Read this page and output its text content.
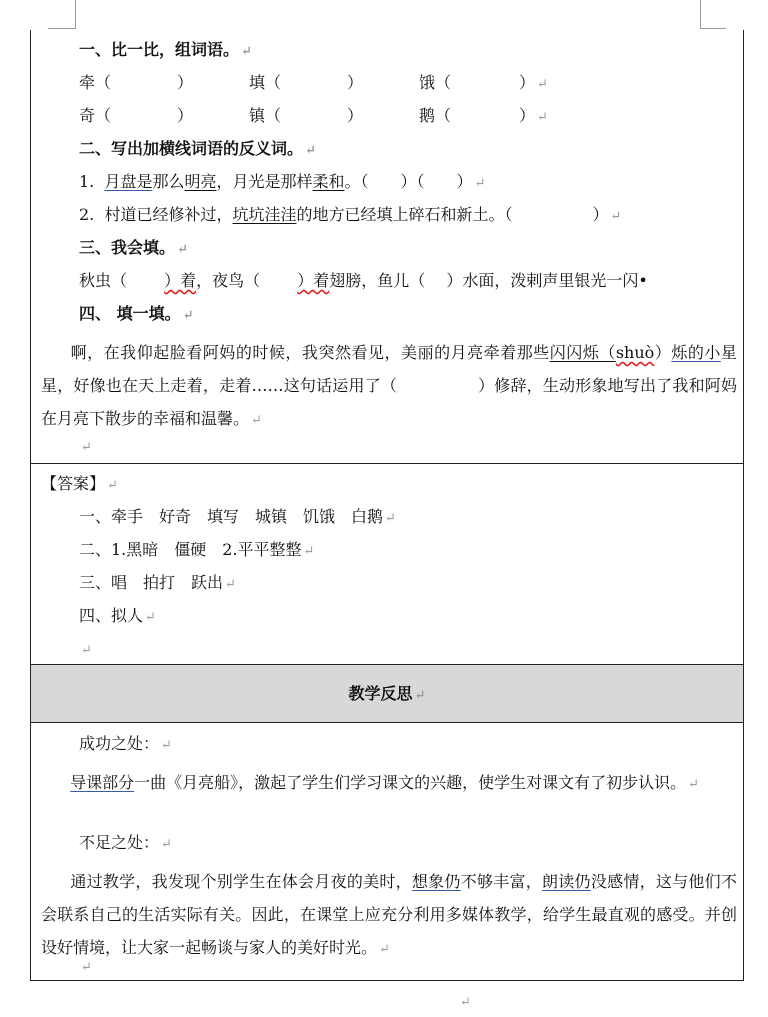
一、比一比，组词语。 ↵
牵（	）	填（	）	饿（	） ↵
奇（	）	镇（	）	鹅（	） ↵
二、写出加横线词语的反义词。 ↵
1. 月盘是那么明亮，月光是那样柔和。（   ）（   ） ↵
2. 村道已经修补过，坑坑洼洼的地方已经填上碎石和新土。（     	） ↵
三、我会填。 ↵
秋虫（   ）着，夜鸟（   ）着翅膀，鱼儿（  ）水面，泼剌声里银光一闪•
四、 填一填。 ↵
   啊，在我仰起脸看阿妈的时候，我突然看见，美丽的月亮牵着那些闪闪烁（shuò）烁的小星星，好像也在天上走着，走着……这句话运用了（　　　　　）修辞，生动形象地写出了我和阿妈在月亮下散步的幸福和温馨。 ↵
↵
【答案】 ↵
一、牵手　好奇　填写　城镇　饥饿　白鹅 ↵
二、1.黑暗　僵硬　2.平平整整 ↵
三、唱　拍打　跃出 ↵
四、拟人 ↵
↵
教学反思 ↵
成功之处： ↵
   导课部分一曲《月亮船》，激起了学生们学习课文的兴趣，使学生对课文有了初步认识。 ↵
不足之处： ↵
   通过教学，我发现个别学生在体会月夜的美时，想象仍不够丰富，朗读仍没感情，这与他们不会联系自己的生活实际有关。因此，在课堂上应充分利用多媒体教学，给学生最直观的感受。并创设好情境，让大家一起畅谈与家人的美好时光。 ↵
↵
↵
